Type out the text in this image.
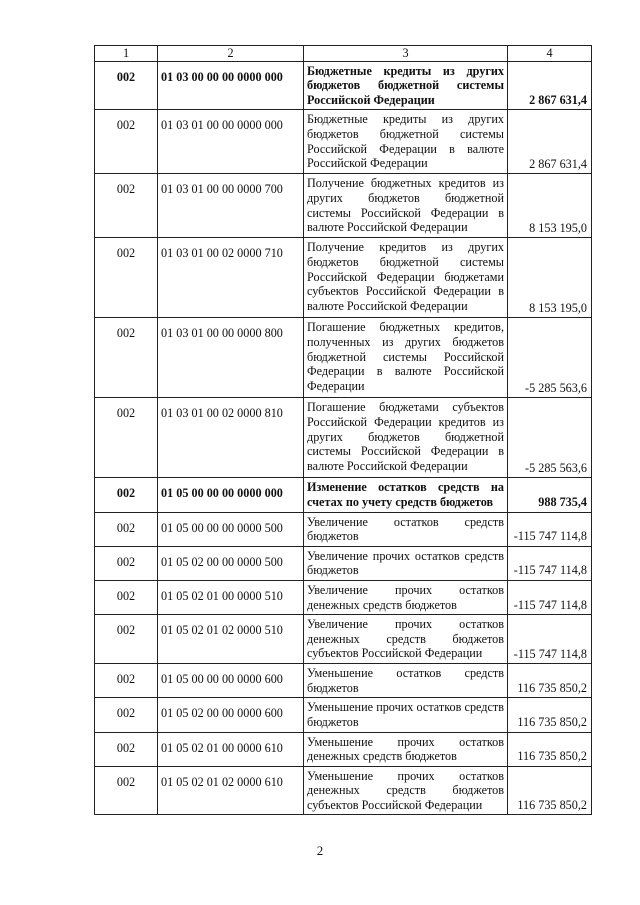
1	2	3	4
002	01 03 00 00 00 0000 000	Бюджетные кредиты из других бюджетов бюджетной системы Российской Федерации	2 867 631,4
002	01 03 01 00 00 0000 000	Бюджетные кредиты из других бюджетов бюджетной системы Российской Федерации в валюте Российской Федерации	2 867 631,4
002	01 03 01 00 00 0000 700	Получение бюджетных кредитов из других бюджетов бюджетной системы Российской Федерации в валюте Российской Федерации	8 153 195,0
002	01 03 01 00 02 0000 710	Получение кредитов из других бюджетов бюджетной системы Российской Федерации бюджетами субъектов Российской Федерации в валюте Российской Федерации	8 153 195,0
002	01 03 01 00 00 0000 800	Погашение бюджетных кредитов, полученных из других бюджетов бюджетной системы Российской Федерации в валюте Российской Федерации	-5 285 563,6
002	01 03 01 00 02 0000 810	Погашение бюджетами субъектов Российской Федерации кредитов из других бюджетов бюджетной системы Российской Федерации в валюте Российской Федерации	-5 285 563,6
002	01 05 00 00 00 0000 000	Изменение остатков средств на счетах по учету средств бюджетов	988 735,4
002	01 05 00 00 00 0000 500	Увеличение остатков средств бюджетов	-115 747 114,8
002	01 05 02 00 00 0000 500	Увеличение прочих остатков средств бюджетов	-115 747 114,8
002	01 05 02 01 00 0000 510	Увеличение прочих остатков денежных средств бюджетов	-115 747 114,8
002	01 05 02 01 02 0000 510	Увеличение прочих остатков денежных средств бюджетов субъектов Российской Федерации	-115 747 114,8
002	01 05 00 00 00 0000 600	Уменьшение остатков средств бюджетов	116 735 850,2
002	01 05 02 00 00 0000 600	Уменьшение прочих остатков средств бюджетов	116 735 850,2
002	01 05 02 01 00 0000 610	Уменьшение прочих остатков денежных средств бюджетов	116 735 850,2
002	01 05 02 01 02 0000 610	Уменьшение прочих остатков денежных средств бюджетов субъектов Российской Федерации	116 735 850,2
2
